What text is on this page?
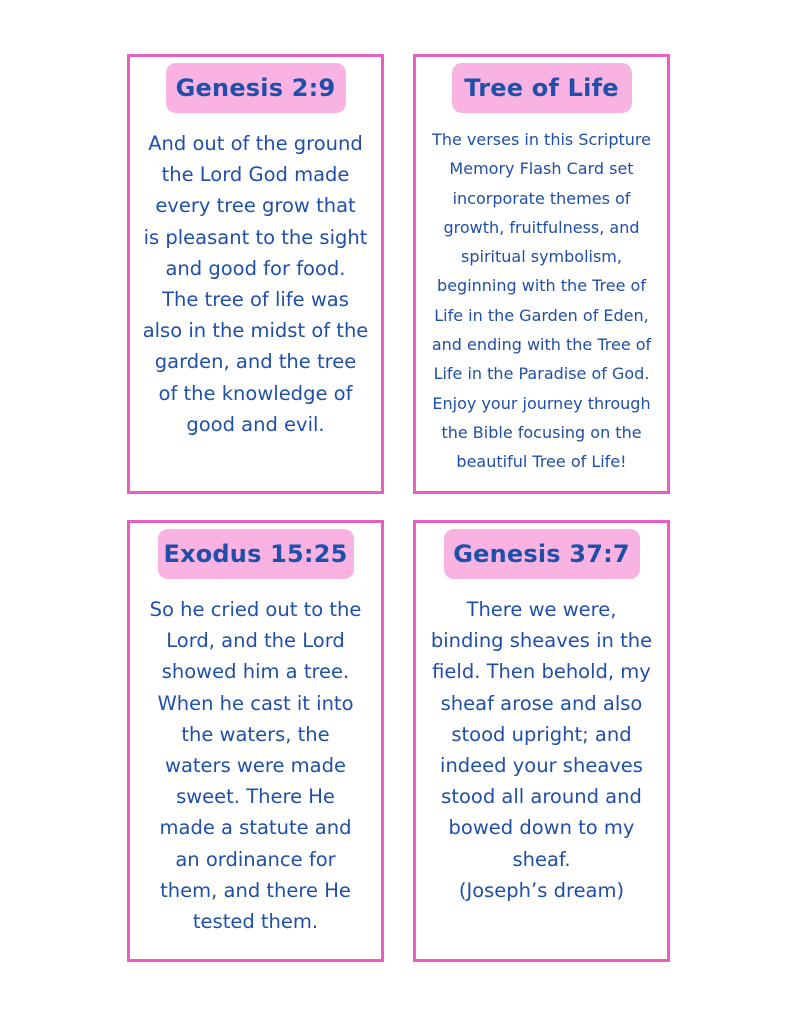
Genesis 2:9
And out of the ground
the Lord God made
every tree grow that
is pleasant to the sight
and good for food.
The tree of life was
also in the midst of the
garden, and the tree
of the knowledge of
good and evil.
Tree of Life
The verses in this Scripture
Memory Flash Card set
incorporate themes of
growth, fruitfulness, and
spiritual symbolism,
beginning with the Tree of
Life in the Garden of Eden,
and ending with the Tree of
Life in the Paradise of God.
Enjoy your journey through
the Bible focusing on the
beautiful Tree of Life!
Exodus 15:25
So he cried out to the
Lord, and the Lord
showed him a tree.
When he cast it into
the waters, the
waters were made
sweet. There He
made a statute and
an ordinance for
them, and there He
tested them.
Genesis 37:7
There we were,
binding sheaves in the
field. Then behold, my
sheaf arose and also
stood upright; and
indeed your sheaves
stood all around and
bowed down to my
sheaf.
(Joseph’s dream)
